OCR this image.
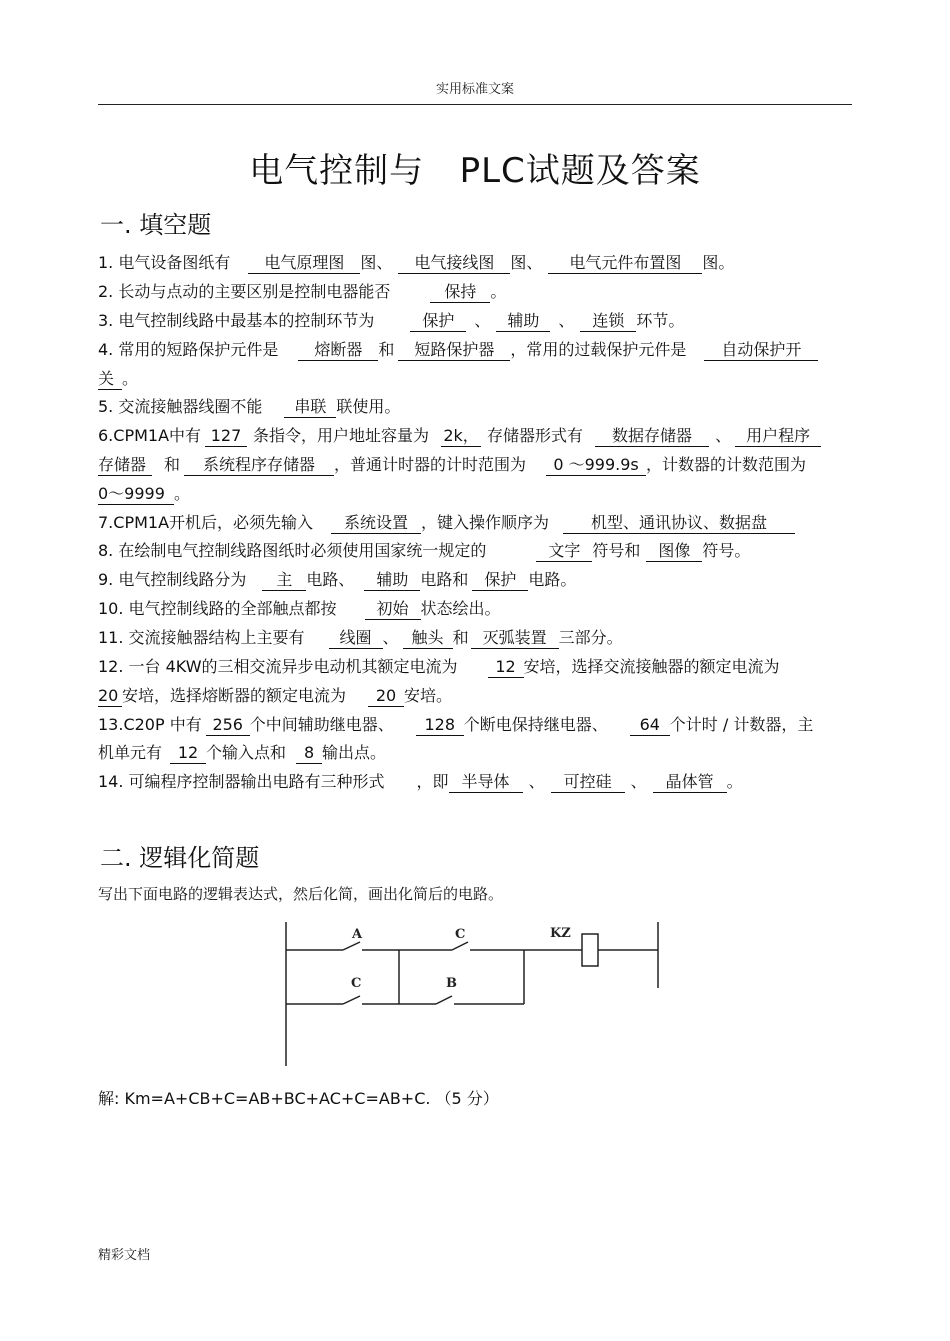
实用标准文案
电气控制与   PLC试题及答案
一. 填空题
1. 电气设备图纸有 电气原理图 图、 电气接线图 图、 电气元件布置图 图。
2. 长动与点动的主要区别是控制电器能否	保持 。
3. 电气控制线路中最基本的控制环节为	保护 、 辅助 、 连锁 环节。
4. 常用的短路保护元件是 熔断器 和 短路保护器 ，常用的过载保护元件是 自动保护开
关 。
5. 交流接触器线圈不能 串联 联使用。
6.CPM1A中有 127 条指令，用户地址容量为 2k， 存储器形式有 数据存储器 、 用户程序
存储器 和 系统程序存储器 ，普通计时器的计时范围为 0 ～999.9s ，计数器的计数范围为
0～9999 。
7.CPM1A开机后，必须先输入 系统设置 ，键入操作顺序为	机型、通讯协议、数据盘
8. 在绘制电气控制线路图纸时必须使用国家统一规定的	文字 符号和 图像 符号。
9. 电气控制线路分为 主 电路、 辅助 电路和 保护 电路。
10. 电气控制线路的全部触点都按 初始 状态绘出。
11. 交流接触器结构上主要有 线圈 、 触头 和 灭弧装置 三部分。
12. 一台 4KW的三相交流异步电动机其额定电流为 12 安培，选择交流接触器的额定电流为
20 安培，选择熔断器的额定电流为 20 安培。
13.C20P 中有 256 个中间辅助继电器、 128 个断电保持继电器、 64 个计时 / 计数器，主
机单元有 12 个输入点和 8 输出点。
14. 可编程序控制器输出电路有三种形式 ，即 半导体 、 可控硅 、 晶体管 。
二. 逻辑化简题
写出下面电路的逻辑表达式，然后化简，画出化简后的电路。
A	C
C	B
KZ
解: Km=A+CB+C=AB+BC+AC+C=AB+C. （5 分）
精彩文档
